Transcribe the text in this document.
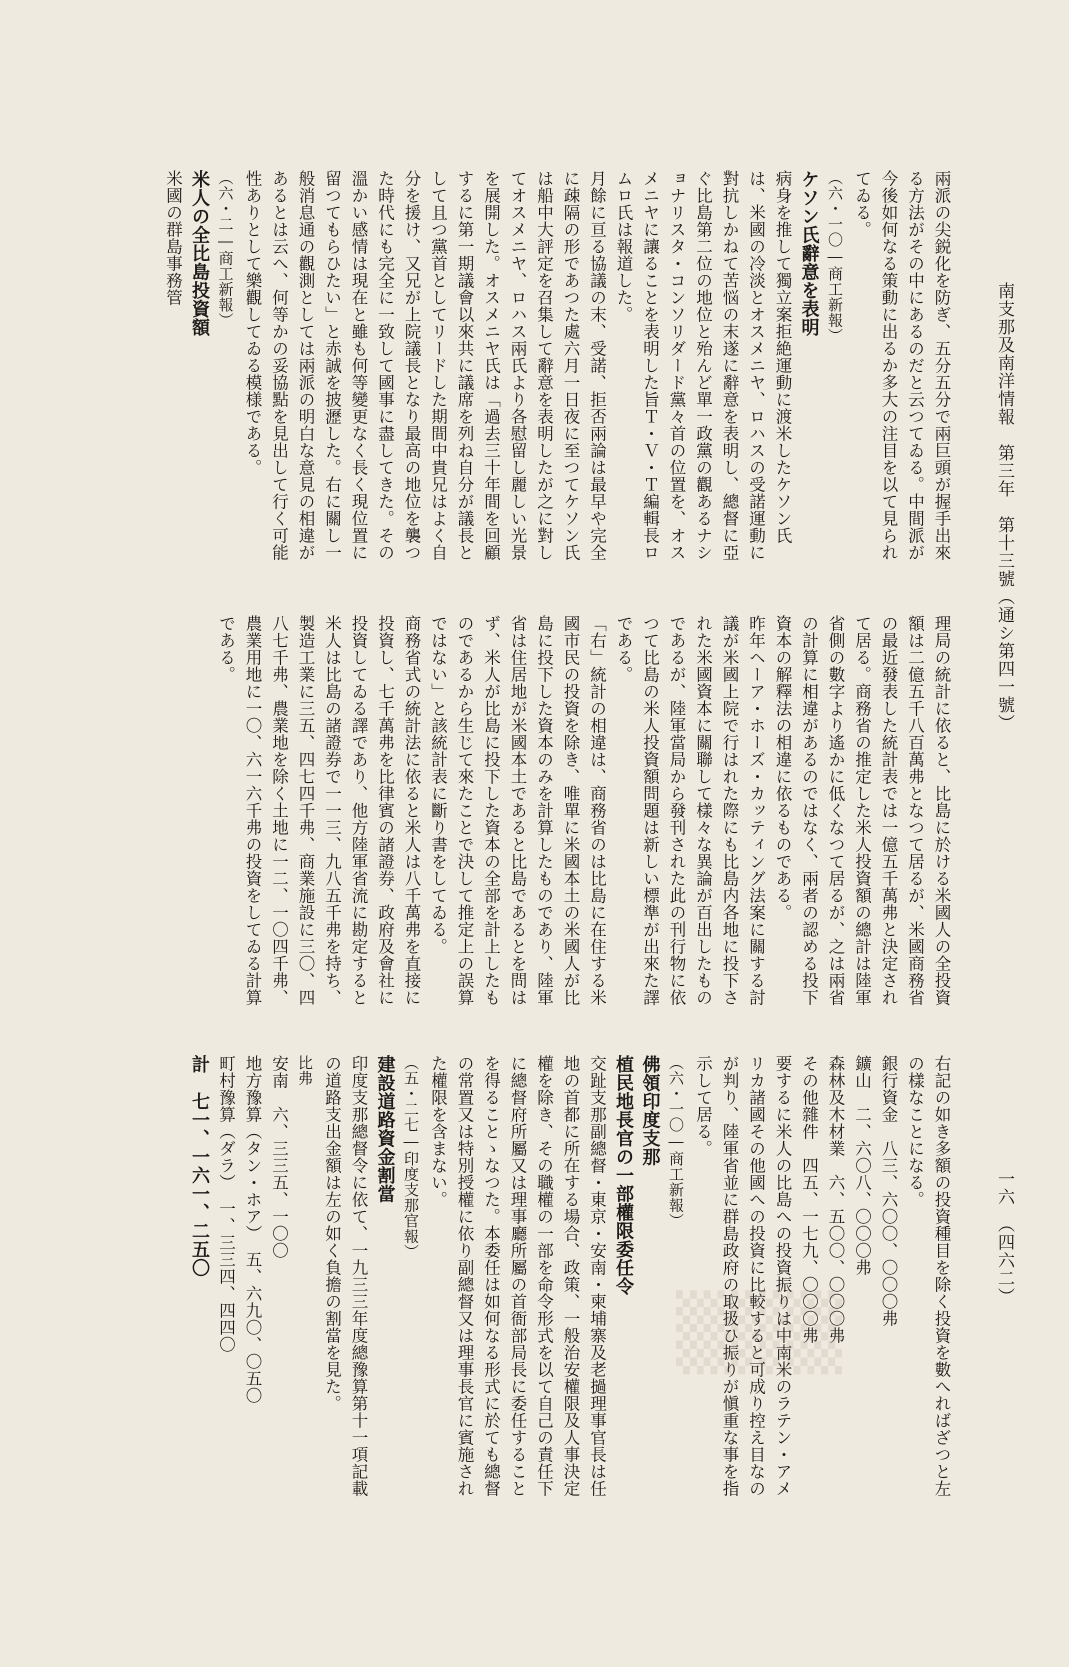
南支那及南洋情報　第三年　第十三號（通シ第四一號）
一六　（四六二）

兩派の尖鋭化を防ぎ、五分五分で兩巨頭が握手出來る方法がその中にあるのだと云つてゐる。中間派が今後如何なる策動に出るか多大の注目を以て見られてゐる。

（六・一〇―商工新報）

ケソン氏辭意を表明

病身を推して獨立案拒絶運動に渡米したケソン氏は、米國の冷淡とオスメニヤ、ロハスの受諾運動に對抗しかねて苦悩の末遂に辭意を表明し、總督に亞ぐ比島第二位の地位と殆んど單一政黨の觀あるナショナリスタ・コンソリダード黨々首の位置を、オスメニヤに讓ることを表明した旨Ｔ・Ｖ・Ｔ編輯長ロムロ氏は報道した。

月餘に亘る協議の末、受諾、拒否兩論は最早や完全に疎隔の形であつた處六月一日夜に至つてケソン氏は船中大評定を召集して辭意を表明したが之に對してオスメニヤ、ロハス兩氏より各慰留し麗しい光景を展開した。オスメニヤ氏は「過去三十年間を回顧するに第一期議會以來共に議席を列ね自分が議長として且つ黨首としてリードした期間中貴兄はよく自分を援け、又兄が上院議長となり最高の地位を襲つた時代にも完全に一致して國事に盡してきた。その溫かい感情は現在と雖も何等變更なく長く現位置に留つてもらひたい」と赤誠を披瀝した。右に關し一般消息通の觀測としては兩派の明白な意見の相違があるとは云へ、何等かの妥協點を見出して行く可能性ありとして樂觀してゐる模様である。

（六・二―商工新報）

米人の全比島投資額

米國の群島事務管

理局の統計に依ると、比島に於ける米國人の全投資額は二億五千八百萬弗となつて居るが、米國商務省の最近發表した統計表では一億五千萬弗と決定されて居る。商務省の推定した米人投資額の總計は陸軍省側の數字より遙かに低くなつて居るが、之は兩省の計算に相違があるのではなく、兩者の認める投下資本の解釋法の相違に依るものである。

昨年ヘーア・ホーズ・カッティング法案に關する討議が米國上院で行はれた際にも比島内各地に投下された米國資本に關聯して樣々な異論が百出したものであるが、陸軍當局から發刊された此の刊行物に依つて比島の米人投資額問題は新しい標準が出來た譯である。

「右」統計の相違は、商務省のは比島に在住する米國市民の投資を除き、唯單に米國本土の米國人が比島に投下した資本のみを計算したものであり、陸軍省は住居地が米國本土であると比島であるとを問はず、米人が比島に投下した資本の全部を計上したものであるから生じて來たことで決して推定上の誤算ではない」と該統計表に斷り書をしてゐる。

商務省式の統計法に依ると米人は八千萬弗を直接に投資し、七千萬弗を比律賓の諸證券、政府及會社に投資してゐる譯であり、他方陸軍省流に勘定すると米人は比島の諸證券で一一三、九八五千弗を持ち、製造工業に三五、四七四千弗、商業施設に三〇、四八七千弗、農業地を除く土地に一二、一〇四千弗、農業用地に一〇、六一六千弗の投資をしてゐる計算である。

右記の如き多額の投資種目を除く投資を數へればざつと左の樣なことになる。

銀行資金　八三、六〇〇、〇〇〇弗

鑛山　二、六〇八、〇〇〇弗

森林及木材業　六、五〇〇、〇〇〇弗

その他雜件　四五、一七九、〇〇〇弗

要するに米人の比島への投資振りは中南米のラテン・アメリカ諸國その他國への投資に比較すると可成り控え目なのが判り、陸軍省並に群島政府の取扱ひ振りが愼重な事を指示して居る。

（六・一〇―商工新報）

佛領印度支那

植民地長官の一部權限委任令

交趾支那副總督・東京・安南・柬埔寨及老撾理事官長は任地の首都に所在する場合、政策、一般治安權限及人事決定權を除き、その職權の一部を命令形式を以て自己の責任下に總督府所屬又は理事廳所屬の首衙部局長に委任することを得ることゝなつた。本委任は如何なる形式に於ても總督の常置又は特別授權に依り副總督又は理事長官に賓施された權限を含まない。

（五・二七―印度支那官報）

建設道路資金割當

印度支那總督令に依て、一九三三年度總豫算第十一項記載の道路支出金額は左の如く負擔の割當を見た。

比弗

安南　六、三三五、一〇〇

地方豫算（タン・ホア）　五、六九〇、〇五〇

町村豫算（ダラ）　一、三三四、四四〇

計　七一、一六一、二五〇

▒▒▒
